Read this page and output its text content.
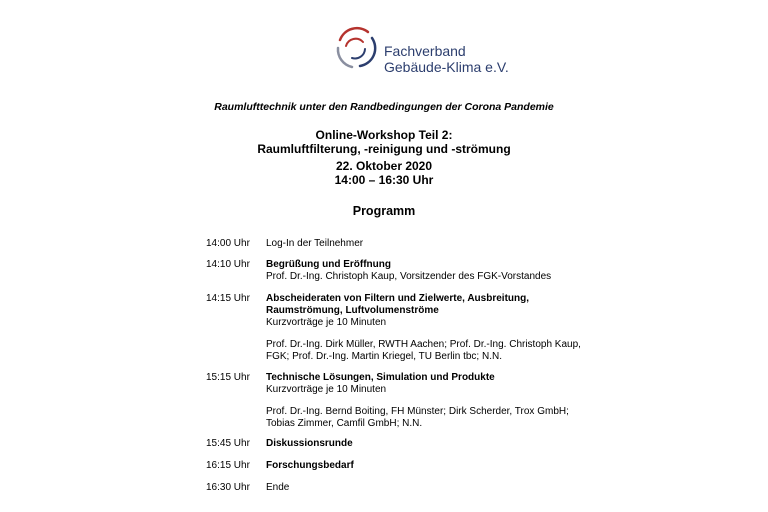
Fachverband
Gebäude-Klima e.V.
Raumlufttechnik unter den Randbedingungen der Corona Pandemie
Online-Workshop Teil 2:
Raumluftfilterung, -reinigung und -strömung
22. Oktober 2020
14:00 – 16:30 Uhr
Programm
14:00 Uhr Log-In der Teilnehmer
14:10 Uhr Begrüßung und Eröffnung
Prof. Dr.-Ing. Christoph Kaup, Vorsitzender des FGK-Vorstandes
14:15 Uhr Abscheideraten von Filtern und Zielwerte, Ausbreitung,
Raumströmung, Luftvolumenströme
Kurzvorträge je 10 Minuten
Prof. Dr.-Ing. Dirk Müller, RWTH Aachen; Prof. Dr.-Ing. Christoph Kaup,
FGK; Prof. Dr.-Ing. Martin Kriegel, TU Berlin tbc; N.N.
15:15 Uhr Technische Lösungen, Simulation und Produkte
Kurzvorträge je 10 Minuten
Prof. Dr.-Ing. Bernd Boiting, FH Münster; Dirk Scherder, Trox GmbH;
Tobias Zimmer, Camfil GmbH; N.N.
15:45 Uhr Diskussionsrunde
16:15 Uhr Forschungsbedarf
16:30 Uhr Ende
